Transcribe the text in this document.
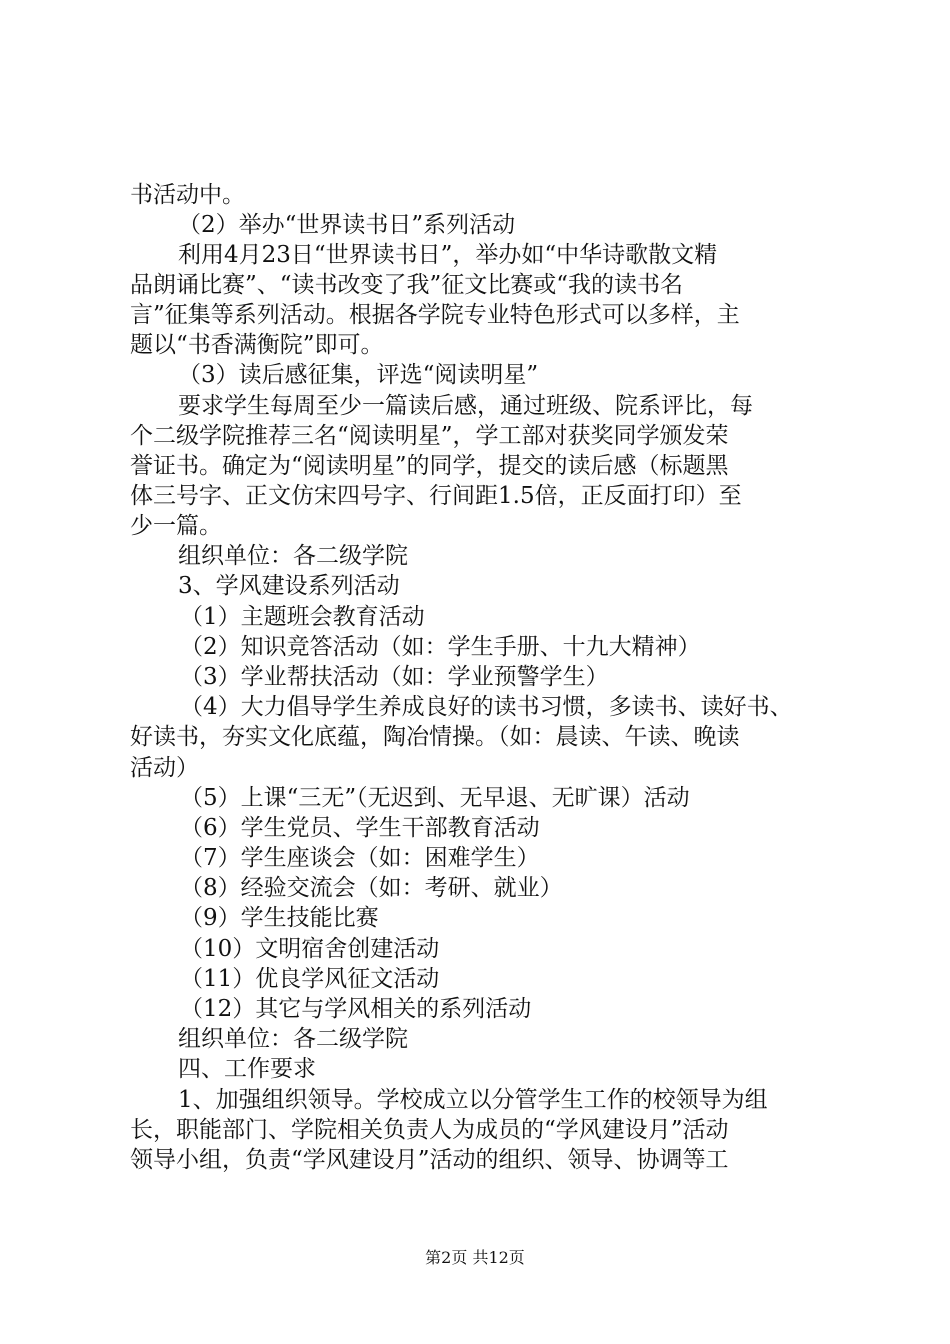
书活动中。
（2）举办“世界读书日”系列活动
利用4月23日“世界读书日”，举办如“中华诗歌散文精
品朗诵比赛”、“读书改变了我”征文比赛或“我的读书名
言”征集等系列活动。根据各学院专业特色形式可以多样，主
题以“书香满衡院”即可。
（3）读后感征集，评选“阅读明星”
要求学生每周至少一篇读后感，通过班级、院系评比，每
个二级学院推荐三名“阅读明星”，学工部对获奖同学颁发荣
誉证书。确定为“阅读明星”的同学，提交的读后感（标题黑
体三号字、正文仿宋四号字、行间距1.5倍，正反面打印）至
少一篇。
组织单位：各二级学院
3、学风建设系列活动
（1）主题班会教育活动
（2）知识竞答活动（如：学生手册、十九大精神）
（3）学业帮扶活动（如：学业预警学生）
（4）大力倡导学生养成良好的读书习惯，多读书、读好书、
好读书，夯实文化底蕴，陶冶情操。（如：晨读、午读、晚读
活动）
（5）上课“三无”（无迟到、无早退、无旷课）活动
（6）学生党员、学生干部教育活动
（7）学生座谈会（如：困难学生）
（8）经验交流会（如：考研、就业）
（9）学生技能比赛
（10）文明宿舍创建活动
（11）优良学风征文活动
（12）其它与学风相关的系列活动
组织单位：各二级学院
四、工作要求
1、加强组织领导。学校成立以分管学生工作的校领导为组
长，职能部门、学院相关负责人为成员的“学风建设月”活动
领导小组，负责“学风建设月”活动的组织、领导、协调等工
第2页 共12页
